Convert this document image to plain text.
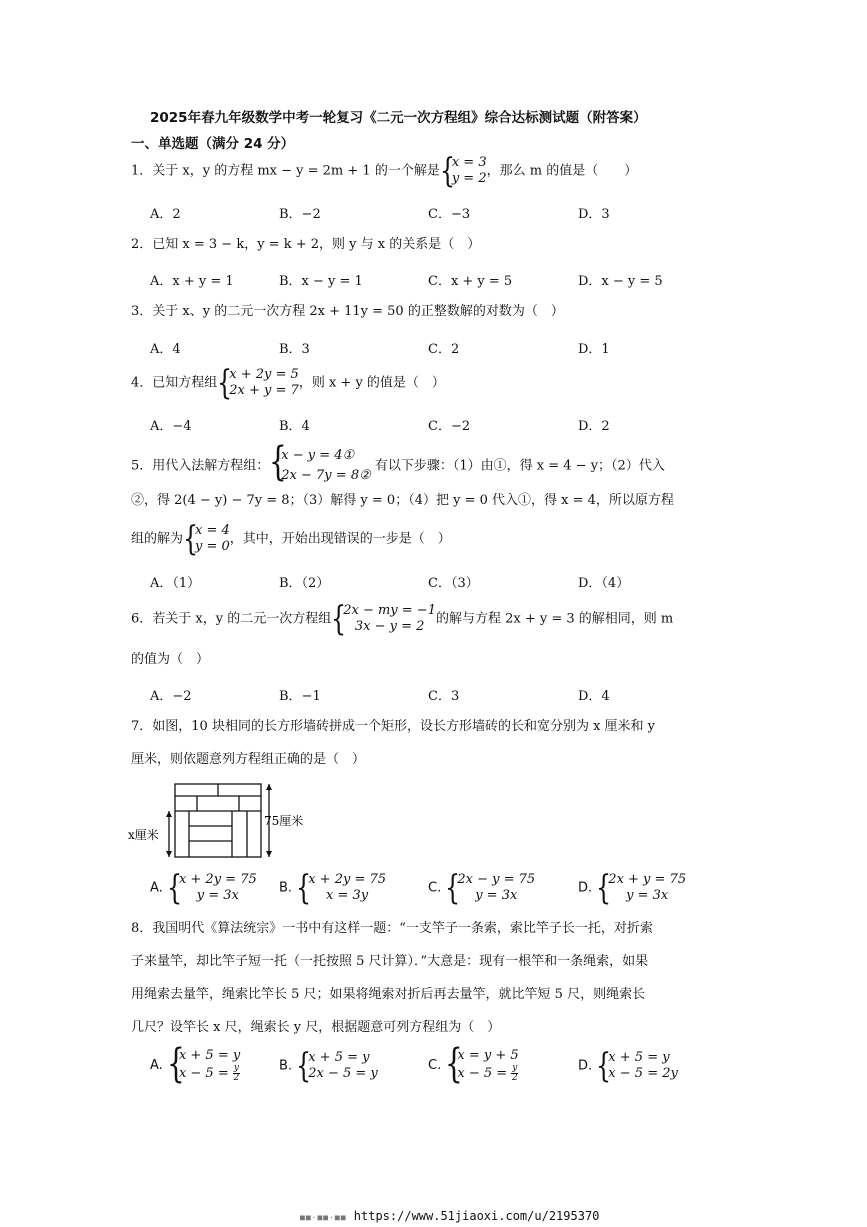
2025年春九年级数学中考一轮复习《二元一次方程组》综合达标测试题（附答案）
一、单选题（满分 24 分）
1．关于 x，y 的方程 mx − y = 2m + 1 的一个解是 {
x = 3
y = 2 ，那么 m 的值是（　　）
A．2	B．−2	C．−3	D．3
2．已知 x = 3 − k，y = k + 2，则 y 与 x 的关系是（　）
A．x + y = 1	B．x − y = 1	C．x + y = 5	D．x − y = 5
3．关于 x、y 的二元一次方程 2x + 11y = 50 的正整数解的对数为（　）
A．4	B．3	C．2	D．1
4．已知方程组 {
x + 2y = 5
2x + y = 7 ，则 x + y 的值是（　）
A．−4	B．4	C．−2	D．2
5．用代入法解方程组： {
x − y = 4①
2x − 7y = 8②
有以下步骤：（1）由①，得 x = 4 − y；（2）代入
②，得 2(4 − y) − 7y = 8；（3）解得 y = 0；（4）把 y = 0 代入①，得 x = 4，所以原方程
组的解为 {
x = 4
y = 0 ，其中，开始出现错误的一步是（　）
A．（1）	B．（2）	C．（3）	D．（4）
6．若关于 x，y 的二元一次方程组 {
2x − my = −1
3x − y = 2 的解与方程 2x + y = 3 的解相同，则 m
的值为（　）
A．−2	B．−1	C．3	D．4
7．如图，10 块相同的长方形墙砖拼成一个矩形，设长方形墙砖的长和宽分别为 x 厘米和 y
厘米，则依题意列方程组正确的是（　）
x厘米
75厘米
A. {
x + 2y = 75
y = 3x	B. {
x + 2y = 75
x = 3y	C. {
2x − y = 75
y = 3x	D. {
2x + y = 75
y = 3x
8．我国明代《算法统宗》一书中有这样一题：“一支竿子一条索，索比竿子长一托，对折索
子来量竿，却比竿子短一托（一托按照 5 尺计算）．”大意是：现有一根竿和一条绳索，如果
用绳索去量竿，绳索比竿长 5 尺；如果将绳索对折后再去量竿，就比竿短 5 尺，则绳索长
几尺？设竿长 x 尺，绳索长 y 尺，根据题意可列方程组为（　）
A. {
x + 5 = y
$x - 5 = \frac{y}{2}$	B. {
x + 5 = y
2x − 5 = y
C. {
x = y + 5
$x - 5 = \frac{y}{2}$	D. {
x + 5 = y
x − 5 = 2y
■■·■■·■■ https://www.51jiaoxi.com/u/2195370
